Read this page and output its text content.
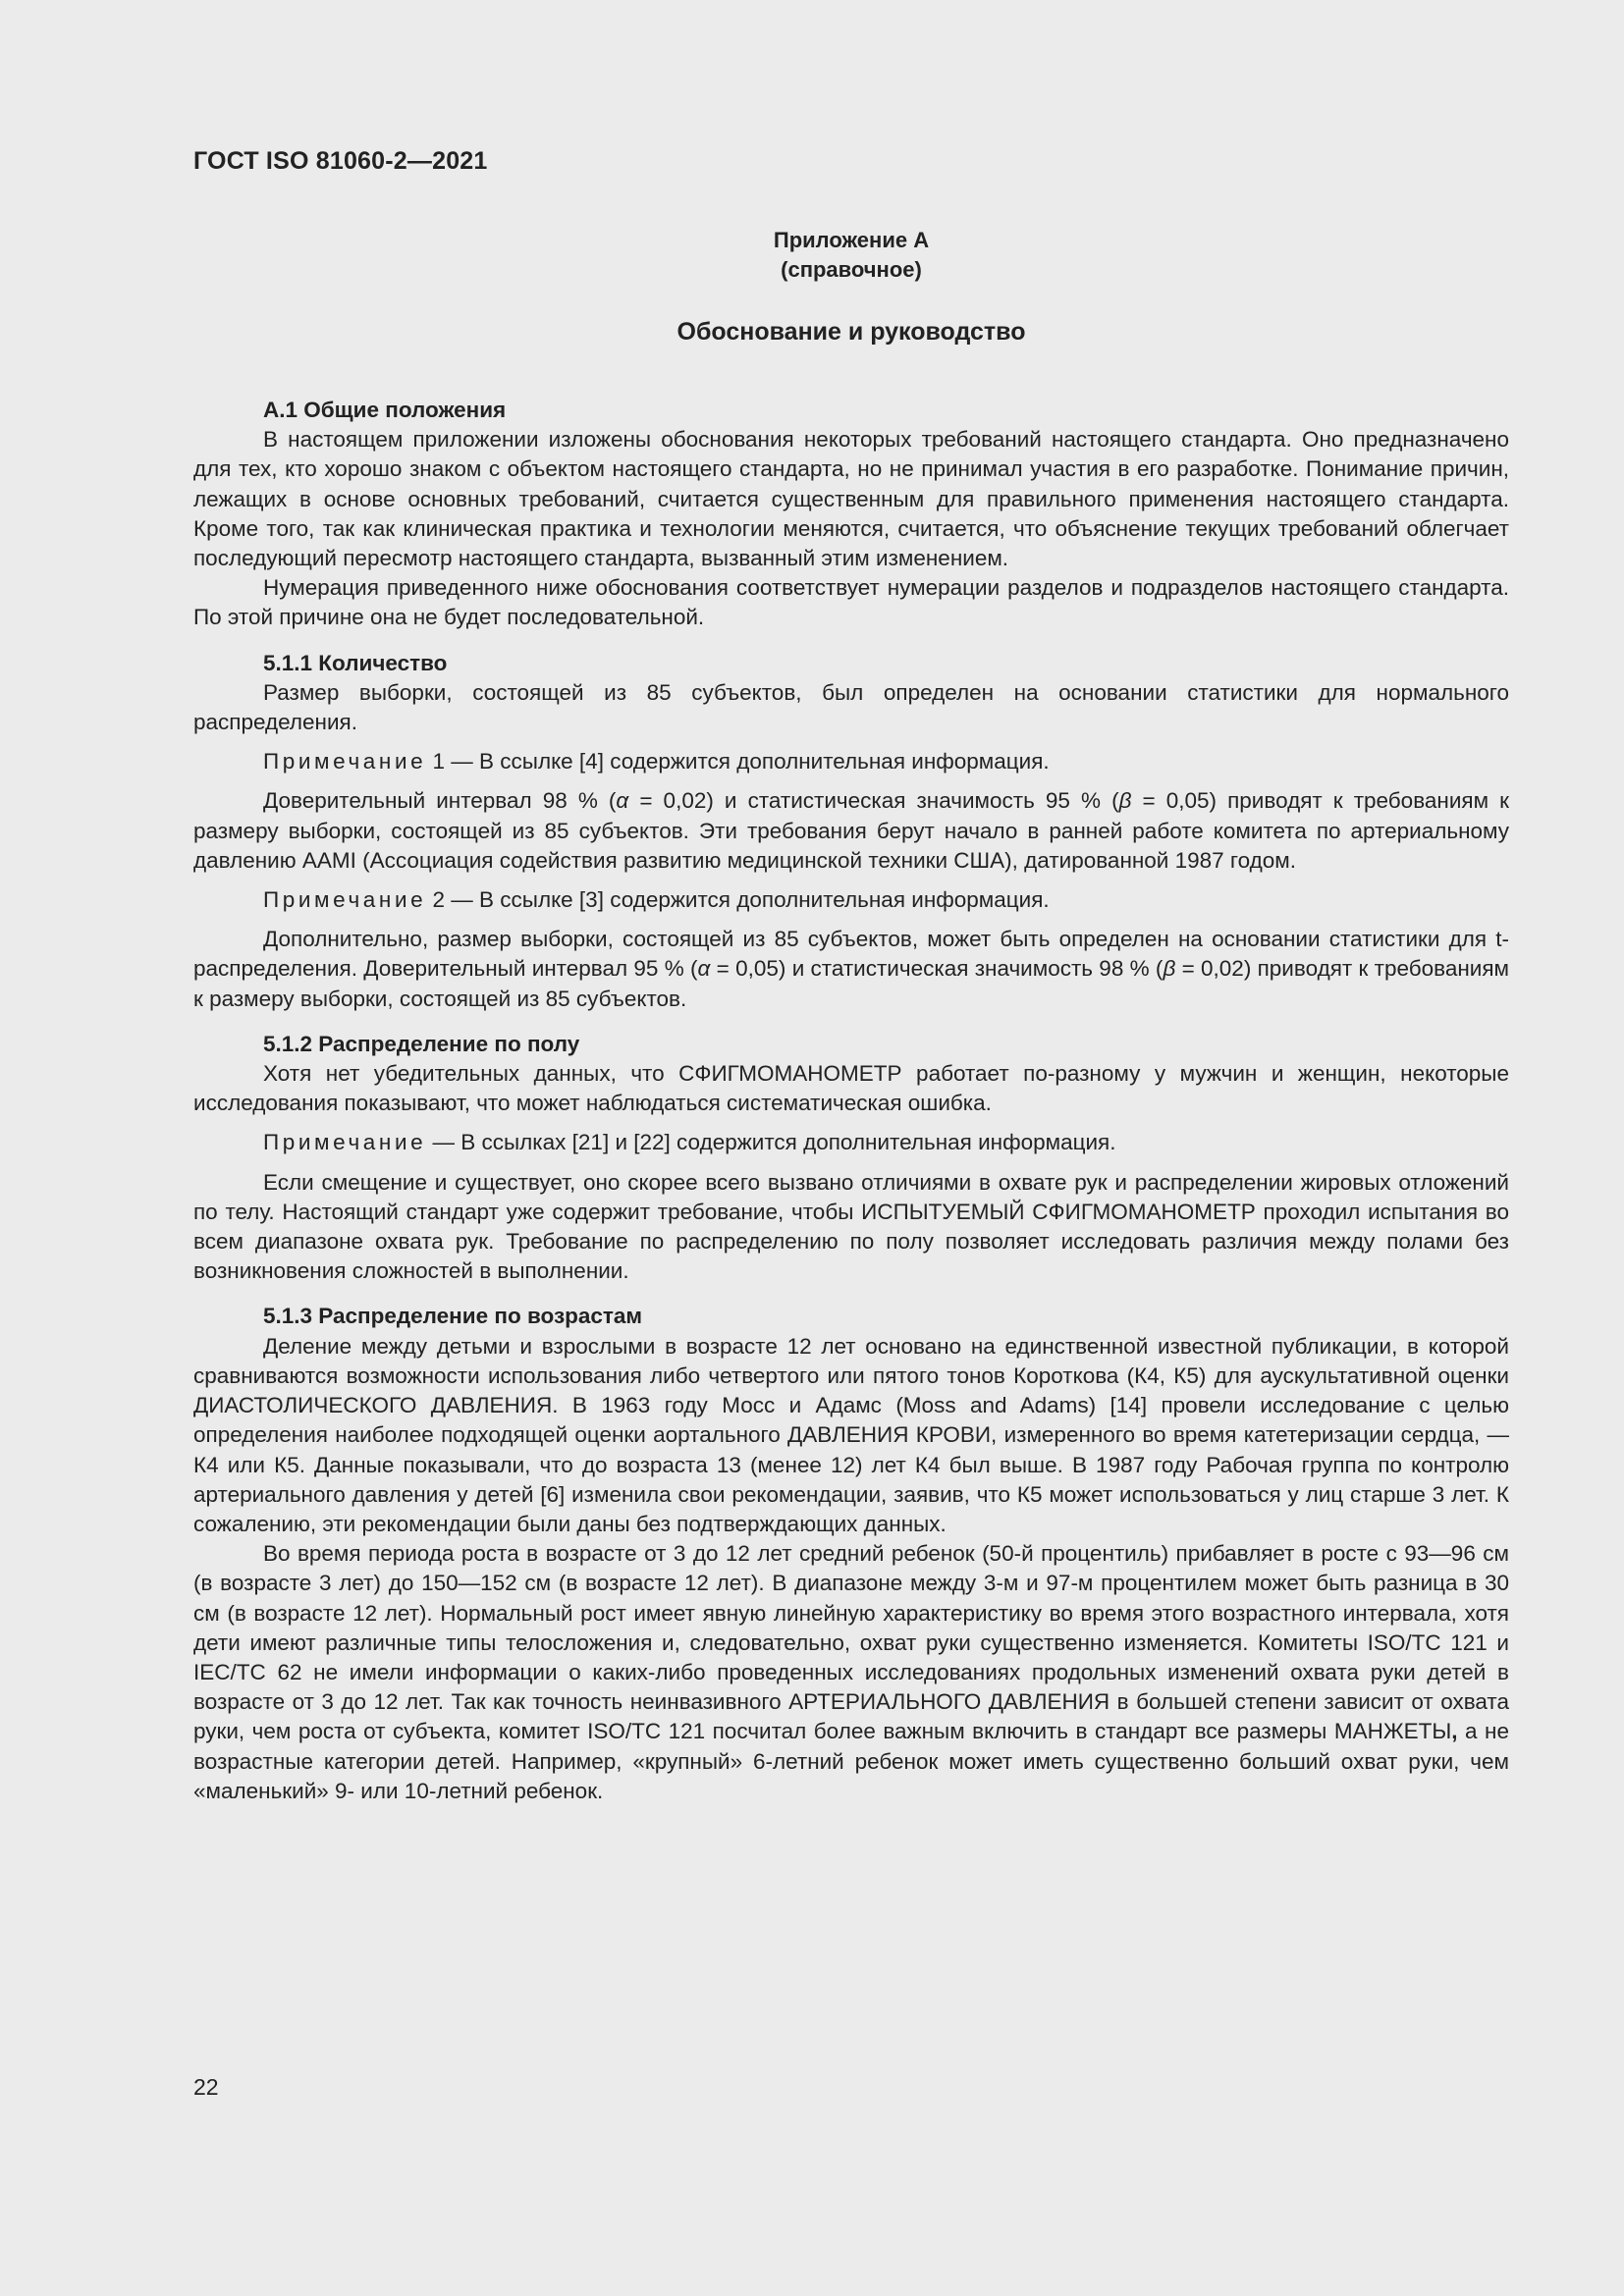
ГОСТ ISO 81060-2—2021
Приложение А
(справочное)
Обоснование и руководство
А.1 Общие положения

В настоящем приложении изложены обоснования некоторых требований настоящего стандарта. Оно предназначено для тех, кто хорошо знаком с объектом настоящего стандарта, но не принимал участия в его разработке. Понимание причин, лежащих в основе основных требований, считается существенным для правильного применения настоящего стандарта. Кроме того, так как клиническая практика и технологии меняются, считается, что объяснение текущих требований облегчает последующий пересмотр настоящего стандарта, вызванный этим изменением.

Нумерация приведенного ниже обоснования соответствует нумерации разделов и подразделов настоящего стандарта. По этой причине она не будет последовательной.

5.1.1 Количество

Размер выборки, состоящей из 85 субъектов, был определен на основании статистики для нормального распределения.

Примечание 1 — В ссылке [4] содержится дополнительная информация.

Доверительный интервал 98 % (α = 0,02) и статистическая значимость 95 % (β = 0,05) приводят к требованиям к размеру выборки, состоящей из 85 субъектов. Эти требования берут начало в ранней работе комитета по артериальному давлению AAMI (Ассоциация содействия развитию медицинской техники США), датированной 1987 годом.

Примечание 2 — В ссылке [3] содержится дополнительная информация.

Дополнительно, размер выборки, состоящей из 85 субъектов, может быть определен на основании статистики для t-распределения. Доверительный интервал 95 % (α = 0,05) и статистическая значимость 98 % (β = 0,02) приводят к требованиям к размеру выборки, состоящей из 85 субъектов.

5.1.2 Распределение по полу

Хотя нет убедительных данных, что СФИГМОМАНОМЕТР работает по-разному у мужчин и женщин, некоторые исследования показывают, что может наблюдаться систематическая ошибка.

Примечание — В ссылках [21] и [22] содержится дополнительная информация.

Если смещение и существует, оно скорее всего вызвано отличиями в охвате рук и распределении жировых отложений по телу. Настоящий стандарт уже содержит требование, чтобы ИСПЫТУЕМЫЙ СФИГМОМАНОМЕТР проходил испытания во всем диапазоне охвата рук. Требование по распределению по полу позволяет исследовать различия между полами без возникновения сложностей в выполнении.

5.1.3 Распределение по возрастам

Деление между детьми и взрослыми в возрасте 12 лет основано на единственной известной публикации, в которой сравниваются возможности использования либо четвертого или пятого тонов Короткова (К4, К5) для аускультативной оценки ДИАСТОЛИЧЕСКОГО ДАВЛЕНИЯ. В 1963 году Мосс и Адамс (Moss and Adams) [14] провели исследование с целью определения наиболее подходящей оценки аортального ДАВЛЕНИЯ КРОВИ, измеренного во время катетеризации сердца, — К4 или К5. Данные показывали, что до возраста 13 (менее 12) лет К4 был выше. В 1987 году Рабочая группа по контролю артериального давления у детей [6] изменила свои рекомендации, заявив, что К5 может использоваться у лиц старше 3 лет. К сожалению, эти рекомендации были даны без подтверждающих данных.

Во время периода роста в возрасте от 3 до 12 лет средний ребенок (50-й процентиль) прибавляет в росте с 93—96 см (в возрасте 3 лет) до 150—152 см (в возрасте 12 лет). В диапазоне между 3-м и 97-м процентилем может быть разница в 30 см (в возрасте 12 лет). Нормальный рост имеет явную линейную характеристику во время этого возрастного интервала, хотя дети имеют различные типы телосложения и, следовательно, охват руки существенно изменяется. Комитеты ISO/TC 121 и IEC/TC 62 не имели информации о каких-либо проведенных исследованиях продольных изменений охвата руки детей в возрасте от 3 до 12 лет. Так как точность неинвазивного АРТЕРИАЛЬНОГО ДАВЛЕНИЯ в большей степени зависит от охвата руки, чем роста от субъекта, комитет ISO/TC 121 посчитал более важным включить в стандарт все размеры МАНЖЕТЫ, а не возрастные категории детей. Например, «крупный» 6-летний ребенок может иметь существенно больший охват руки, чем «маленький» 9- или 10-летний ребенок.

22
